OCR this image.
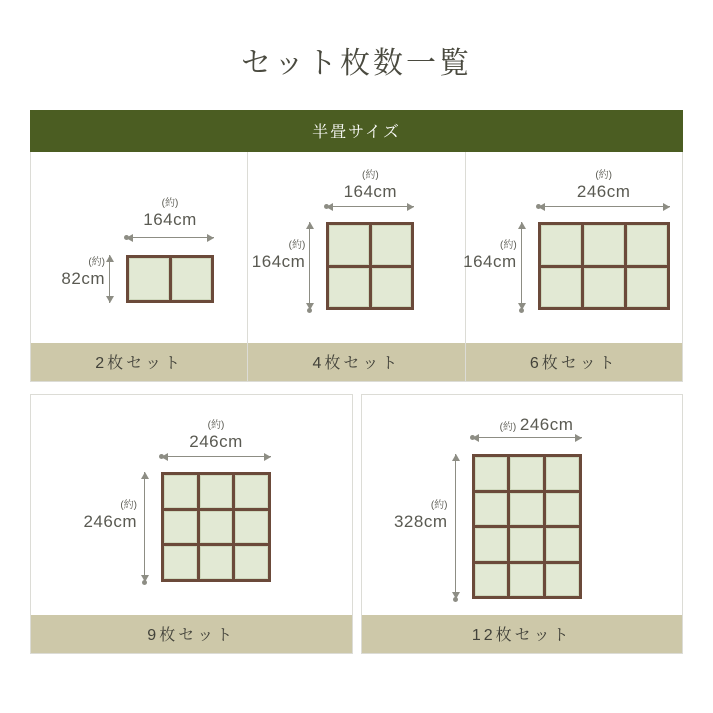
セット枚数一覧
半畳サイズ
(約)
164cm
(約)
82cm
2枚セット
(約)
164cm
(約)
164cm
4枚セット
(約)
246cm
(約)
164cm
6枚セット
(約)
246cm
(約)
246cm
9枚セット
(約) 246cm
(約)
328cm
12枚セット
